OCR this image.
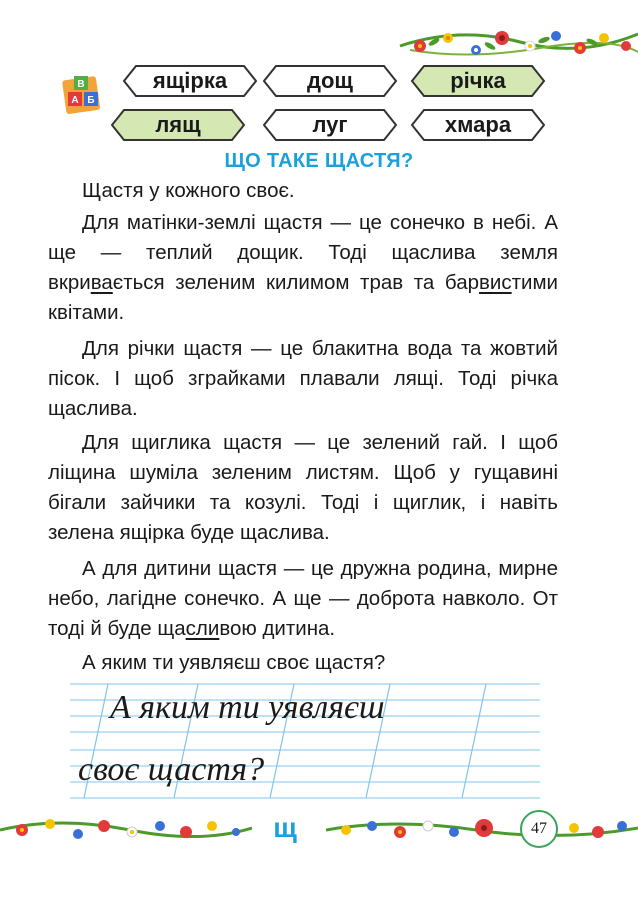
В
А Б
ящірка	дощ	річка
лящ	луг	хмара
ЩО ТАКЕ ЩАСТЯ?

Щастя у кожного своє.

Для матінки-землі щастя — це сонечко в небі. А ще — теплий дощик. Тоді щаслива земля вкривається зеленим килимом трав та барвистими квітами.

Для річки щастя — це блакитна вода та жовтий пісок. І щоб зграйками плавали лящі. Тоді річка щаслива.

Для щиглика щастя — це зелений гай. І щоб ліщина шуміла зеленим листям. Щоб у гущавині бігали зайчики та козулі. Тоді і щиглик, і навіть зелена ящірка буде щаслива.

А для дитини щастя — це дружна родина, мирне небо, лагідне сонечко. А ще — доброта навколо. От тоді й буде щасливою дитина.

А яким ти уявляєш своє щастя?

А яким ти уявляєш
своє щастя?
щ	47
